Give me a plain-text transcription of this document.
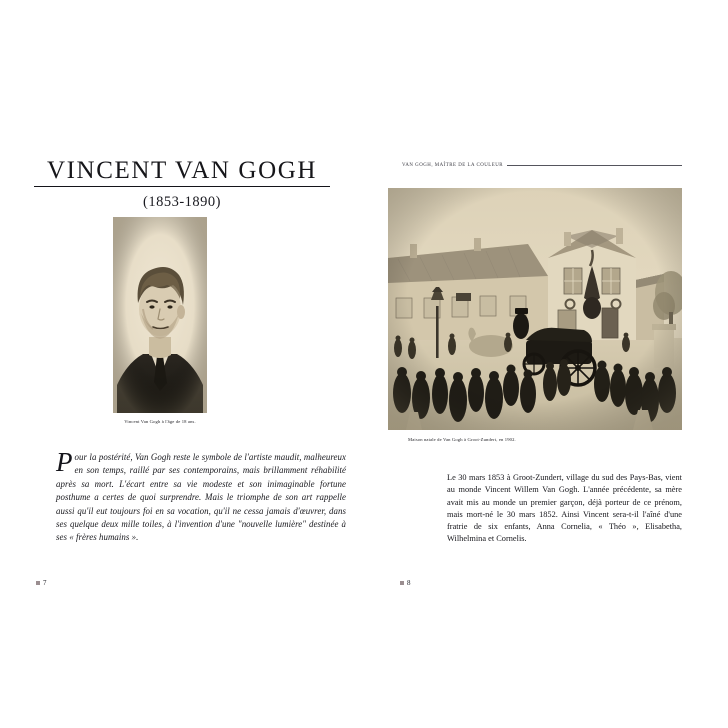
VINCENT VAN GOGH
(1853-1890)
Vincent Van Gogh à l'âge de 18 ans.
Pour la postérité, Van Gogh reste le symbole de l'artiste maudit, malheureux en son temps, raillé par ses contemporains, mais brillamment réhabilité après sa mort. L'écart entre sa vie modeste et son inimaginable fortune posthume a certes de quoi surprendre. Mais le triomphe de son art rappelle aussi qu'il eut toujours foi en sa vocation, qu'il ne cessa jamais d'œuvrer, dans ses quelque deux mille toiles, à l'invention d'une "nouvelle lumière" destinée à ses « frères humains ».
7
VAN GOGH, MAÎTRE DE LA COULEUR
Maison natale de Van Gogh à Groot-Zundert, en 1902.
Le 30 mars 1853 à Groot-Zundert, village du sud des Pays-Bas, vient au monde Vincent Willem Van Gogh. L'année précédente, sa mère avait mis au monde un premier garçon, déjà porteur de ce prénom, mais mort-né le 30 mars 1852. Ainsi Vincent sera-t-il l'aîné d'une fratrie de six enfants, Anna Cornelia, « Théo », Elisabetha, Wilhelmina et Cornelis.
8
